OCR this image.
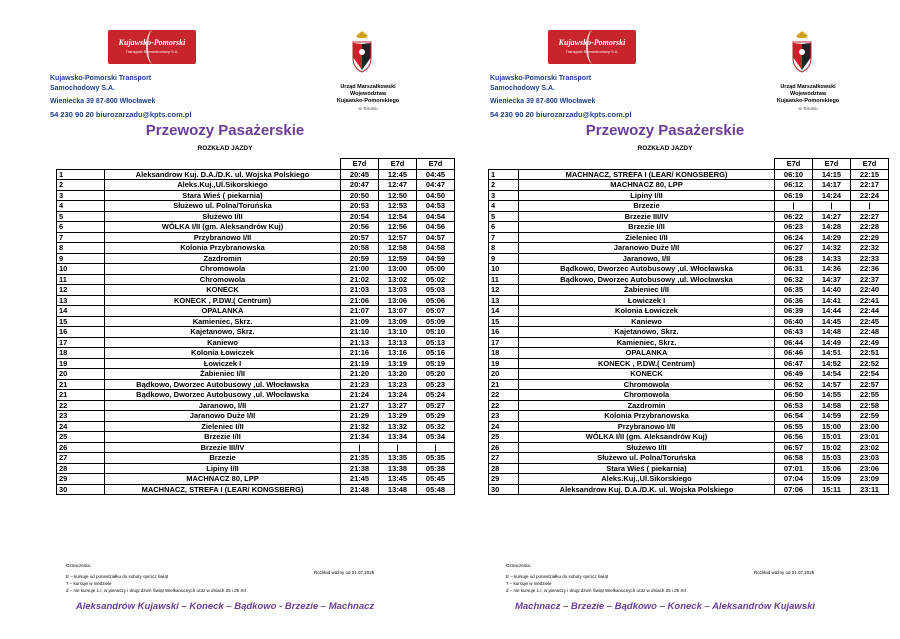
Kujawsko-Pomorski
Transport Samochodowy S.A.
Kujawsko-Pomorski Transport
Samochodowy S.A.
Wieniecka 39 87-800 Włocławek
54 230 90 20 biurozarzadu@kpts.com.pl
Urząd Marszałkowski
Województwa
Kujawsko-Pomorskiego
w Toruniu
Przewozy Pasażerskie
ROZKŁAD JAZDY
		E7d	E7d	E7d
1	Aleksandrow Kuj. D.A./D.K. ul. Wojska Polskiego	20:45	12:45	04:45
2	Aleks.Kuj.,Ul.Sikorskiego	20:47	12:47	04:47
3	Stara Wieś ( piekarnia)	20:50	12:50	04:50
4	Służewo ul. Polna/Toruńska	20:53	12:53	04:53
5	Służewo I/II	20:54	12:54	04:54
6	WÓLKA I/II (gm. Aleksandrów Kuj)	20:56	12:56	04:56
7	Przybranowo I/II	20:57	12:57	04:57
8	Kolonia Przybranowska	20:58	12:58	04:58
9	Zazdromin	20:59	12:59	04:59
10	Chromowola	21:00	13:00	05:00
11	Chromowola	21:02	13:02	05:02
12	KONECK	21:03	13:03	05:03
13	KONECK , P.DW.( Centrum)	21:06	13:06	05:06
14	OPALANKA	21:07	13:07	05:07
15	Kamieniec, Skrz.	21:09	13:09	05:09
16	Kajetanowo, Skrz.	21:10	13:10	05:10
17	Kaniewo	21:13	13:13	05:13
18	Kolonia Łowiczek	21:16	13:16	05:16
19	Łowiczek I	21:19	13:19	05:19
20	Żabieniec I/II	21:20	13:20	05:20
21	Bądkowo, Dworzec Autobusowy ,ul. Włocławska	21:23	13:23	05:23
21	Bądkowo, Dworzec Autobusowy ,ul. Włocławska	21:24	13:24	05:24
22	Jaranowo, I/II	21:27	13:27	05:27
23	Jaranowo Duże I/II	21:29	13:29	05:29
24	Zieleniec I/II	21:32	13:32	05:32
25	Brzezie I/II	21:34	13:34	05:34
26	Brzezie III/IV	|	|	|
27	Brzezie	21:35	13:35	05:35
28	Lipiny I/II	21:38	13:38	05:38
29	MACHNACZ 80, LPP	21:45	13:45	05:45
30	MACHNACZ, STREFA I (LEAR/ KONGSBERG)	21:48	13:48	05:48
Oznaczenia:
E – kursuje od poniedziałku do soboty oprócz świąt
7 – kursuje w niedziele
d – nie kursuje 1.I, w pierwszy i drugi dzień Świąt Wielkanocnych oraz w dniach 25 i 26 XII
Rozkład ważny od 01.07.2025
Aleksandrów Kujawski – Koneck – Bądkowo - Brzezie – Machnacz
Kujawsko-Pomorski
Transport Samochodowy S.A.
Kujawsko-Pomorski Transport
Samochodowy S.A.
Wieniecka 39 87-800 Włocławek
54 230 90 20 biurozarzadu@kpts.com.pl
Urząd Marszałkowski
Województwa
Kujawsko-Pomorskiego
w Toruniu
Przewozy Pasażerskie
ROZKŁAD JAZDY
		E7d	E7d	E7d
1	MACHNACZ, STREFA I (LEAR/ KONGSBERG)	06:10	14:15	22:15
2	MACHNACZ 80, LPP	06:12	14:17	22:17
3	Lipiny I/II	06:19	14:24	22:24
4	Brzezie	|	|	|
5	Brzezie III/IV	06:22	14:27	22:27
6	Brzezie I/II	06:23	14:28	22:28
7	Zieleniec I/II	06:24	14:29	22:29
8	Jaranowo Duże I/II	06:27	14:32	22:32
9	Jaranowo, I/II	06:28	14:33	22:33
10	Bądkowo, Dworzec Autobusowy ,ul. Włocławska	06:31	14:36	22:36
11	Bądkowo, Dworzec Autobusowy ,ul. Włocławska	06:32	14:37	22:37
12	Żabieniec I/II	06:35	14:40	22:40
13	Łowiczek I	06:36	14:41	22:41
14	Kolonia Łowiczek	06:39	14:44	22:44
15	Kaniewo	06:40	14:45	22:45
16	Kajetanowo, Skrz.	06:43	14:48	22:48
17	Kamieniec, Skrz.	06:44	14:49	22:49
18	OPALANKA	06:46	14:51	22:51
19	KONECK , P.DW.( Centrum)	06:47	14:52	22:52
20	KONECK	06:49	14:54	22:54
21	Chromowola	06:52	14:57	22:57
22	Chromowola	06:50	14:55	22:55
22	Zazdromin	06:53	14:58	22:58
23	Kolonia Przybranowska	06:54	14:59	22:59
24	Przybranowo I/II	06:55	15:00	23:00
25	WÓLKA I/II (gm. Aleksandrów Kuj)	06:56	15:01	23:01
26	Służewo I/II	06:57	15:02	23:02
27	Służewo ul. Polna/Toruńska	06:58	15:03	23:03
28	Stara Wieś ( piekarnia)	07:01	15:06	23:06
29	Aleks.Kuj.,Ul.Sikorskiego	07:04	15:09	23:09
30	Aleksandrow Kuj. D.A./D.K. ul. Wojska Polskiego	07:06	15:11	23:11
Oznaczenia:
E – kursuje od poniedziałku do soboty oprócz świąt
7 – kursuje w niedziele
d – nie kursuje 1.I, w pierwszy i drugi dzień Świąt Wielkanocnych oraz w dniach 25 i 26 XII
Rozkład ważny od 01.07.2025
Machnacz – Brzezie – Bądkowo – Koneck – Aleksandrów Kujawski
